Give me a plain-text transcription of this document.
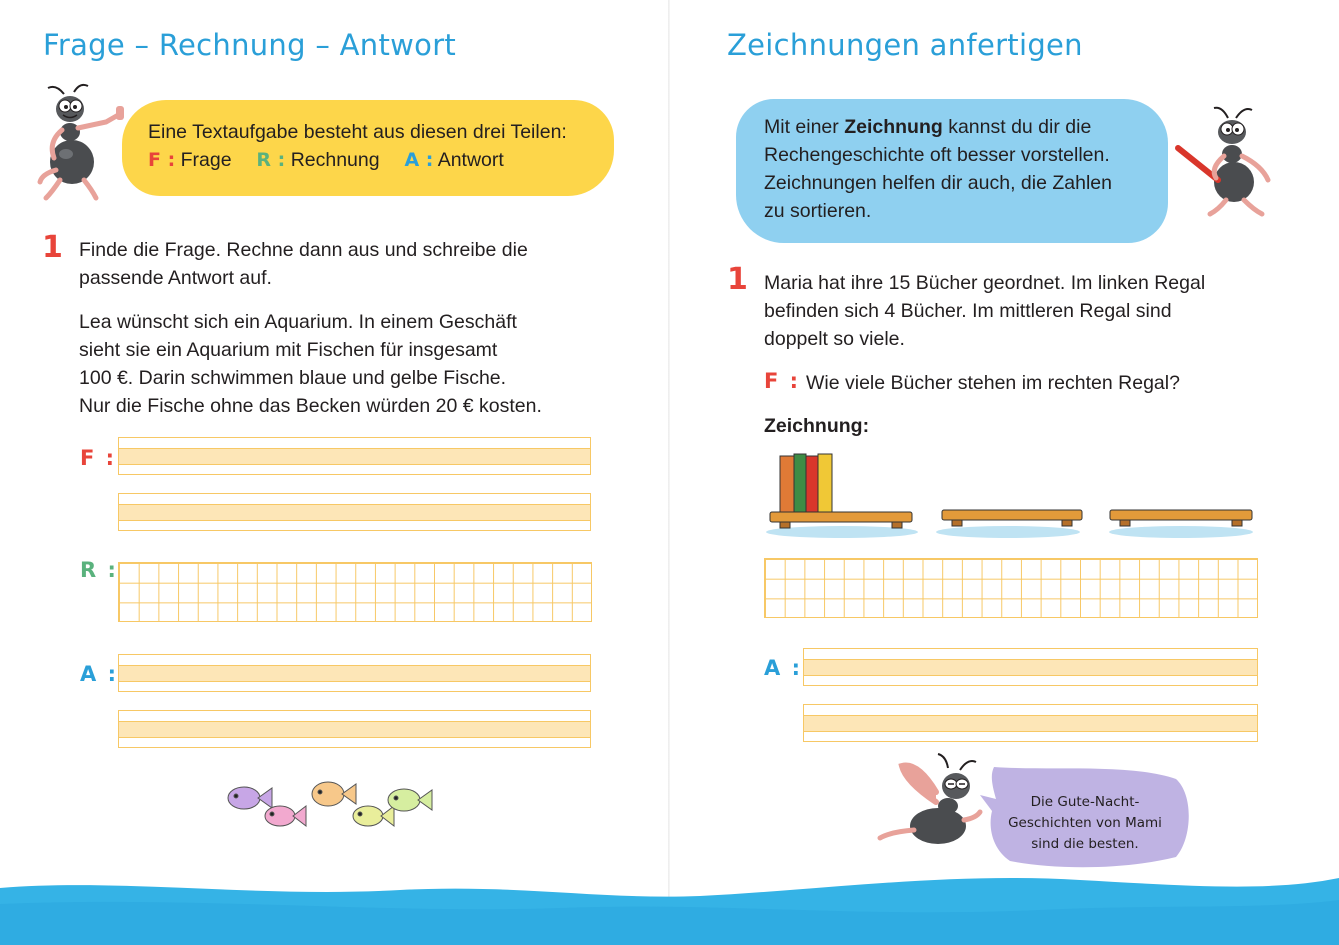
Frage – Rechnung – Antwort
Eine Textaufgabe besteht aus diesen drei Teilen:
F : Frage R : Rechnung A : Antwort
1 Finde die Frage. Rechne dann aus und schreibe die
passende Antwort auf.

Lea wünscht sich ein Aquarium. In einem Geschäft
sieht sie ein Aquarium mit Fischen für insgesamt
100 €. Darin schwimmen blaue und gelbe Fische.
Nur die Fische ohne das Becken würden 20 € kosten.

F :
R :
A :
Zeichnungen anfertigen
Mit einer Zeichnung kannst du dir die
Rechengeschichte oft besser vorstellen.
Zeichnungen helfen dir auch, die Zahlen
zu sortieren.
1 Maria hat ihre 15 Bücher geordnet. Im linken Regal
befinden sich 4 Bücher. Im mittleren Regal sind
doppelt so viele.

F : Wie viele Bücher stehen im rechten Regal?
Zeichnung:
A :
Die Gute-Nacht-
Geschichten von Mami
sind die besten.
